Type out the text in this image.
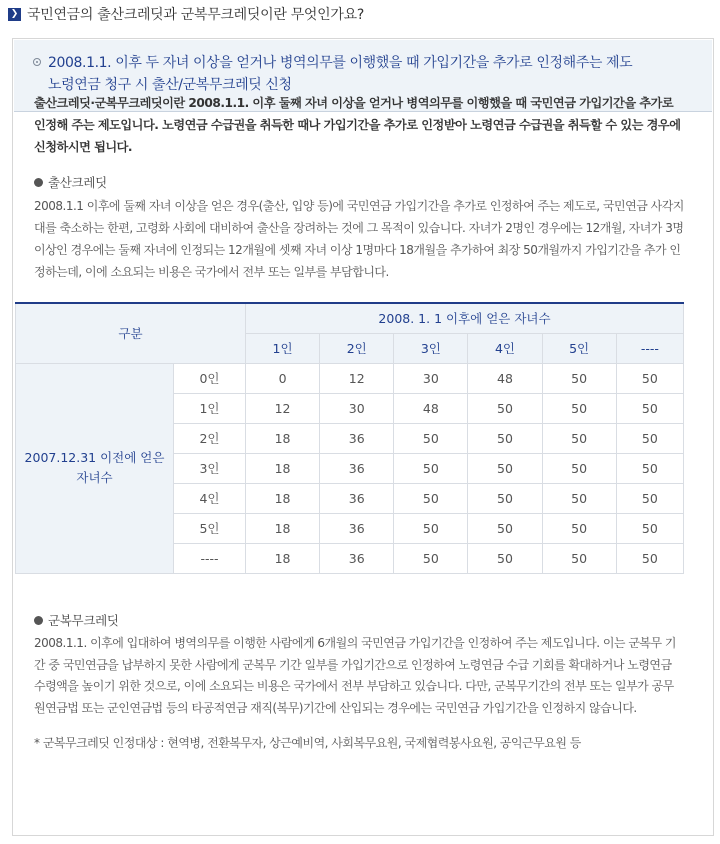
❯ 국민연금의 출산크레딧과 군복무크레딧이란 무엇인가요?
2008.1.1. 이후 두 자녀 이상을 얻거나 병역의무를 이행했을 때 가입기간을 추가로 인정해주는 제도
노령연금 청구 시 출산/군복무크레딧 신청
출산크레딧·군복무크레딧이란 2008.1.1. 이후 둘째 자녀 이상을 얻거나 병역의무를 이행했을 때 국민연금 가입기간을 추가로 인정해 주는 제도입니다. 노령연금 수급권을 취득한 때나 가입기간을 추가로 인정받아 노령연금 수급권을 취득할 수 있는 경우에 신청하시면 됩니다.
출산크레딧
2008.1.1 이후에 둘째 자녀 이상을 얻은 경우(출산, 입양 등)에 국민연금 가입기간을 추가로 인정하여 주는 제도로, 국민연금 사각지대를 축소하는 한편, 고령화 사회에 대비하여 출산을 장려하는 것에 그 목적이 있습니다. 자녀가 2명인 경우에는 12개월, 자녀가 3명 이상인 경우에는 둘째 자녀에 인정되는 12개월에 셋째 자녀 이상 1명마다 18개월을 추가하여 최장 50개월까지 가입기간을 추가 인정하는데, 이에 소요되는 비용은 국가에서 전부 또는 일부를 부담합니다.
구분		2008. 1. 1 이후에 얻은 자녀수					
		1인	2인	3인	4인	5인	----
2007.12.31 이전에 얻은 자녀수	0인	0	12	30	48	50	50
	1인	12	30	48	50	50	50
	2인	18	36	50	50	50	50
	3인	18	36	50	50	50	50
	4인	18	36	50	50	50	50
	5인	18	36	50	50	50	50
	----	18	36	50	50	50	50
군복무크레딧
2008.1.1. 이후에 입대하여 병역의무를 이행한 사람에게 6개월의 국민연금 가입기간을 인정하여 주는 제도입니다. 이는 군복무 기간 중 국민연금을 납부하지 못한 사람에게 군복무 기간 일부를 가입기간으로 인정하여 노령연금 수급 기회를 확대하거나 노령연금 수령액을 높이기 위한 것으로, 이에 소요되는 비용은 국가에서 전부 부담하고 있습니다. 다만, 군복무기간의 전부 또는 일부가 공무원연금법 또는 군인연금법 등의 타공적연금 재직(복무)기간에 산입되는 경우에는 국민연금 가입기간을 인정하지 않습니다.
* 군복무크레딧 인정대상 : 현역병, 전환복무자, 상근예비역, 사회복무요원, 국제협력봉사요원, 공익근무요원 등
